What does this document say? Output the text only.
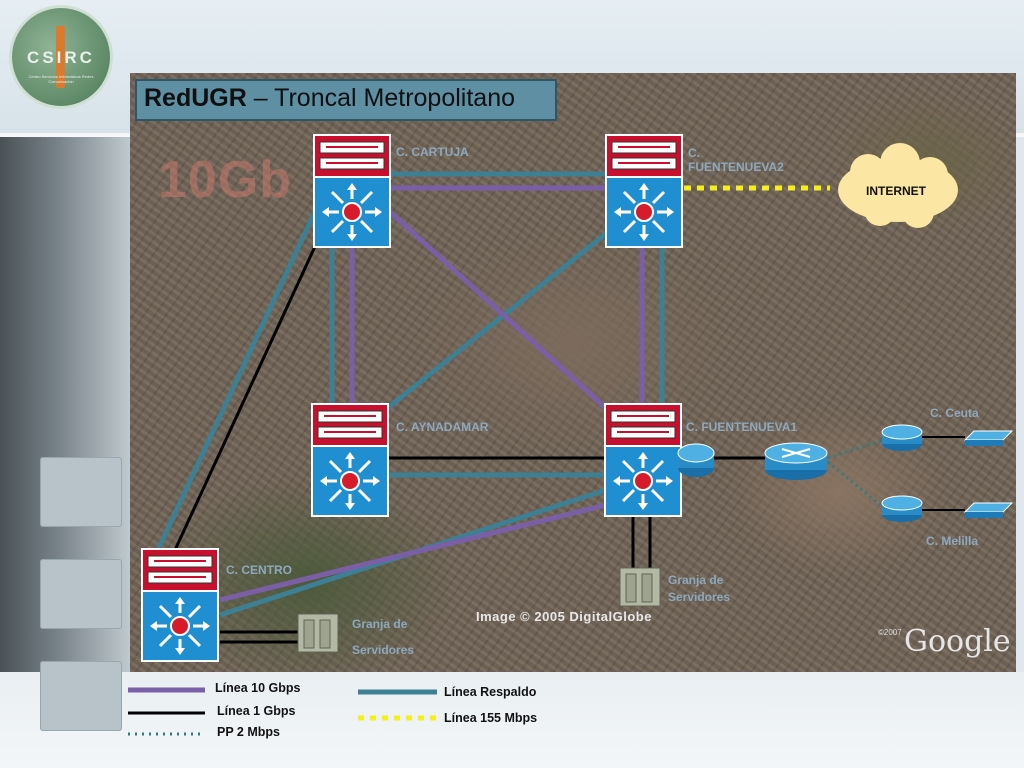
CSIRC
Centro Servicios Informáticos Redes Comunicación
RedUGR – Troncal Metropolitano
10Gb	C. CARTUJA	C.
FUENTENUEVA2
C. AYNADAMAR	C. FUENTENUEVA1
C. CENTRO
C. Ceuta
C. Melilla
INTERNET
Granja de
Servidores
Granja de
Servidores
Image © 2005 DigitalGlobe
©2007 Google
Línea 10 Gbps
Línea 1 Gbps
PP 2 Mbps
Línea Respaldo
Línea 155 Mbps
